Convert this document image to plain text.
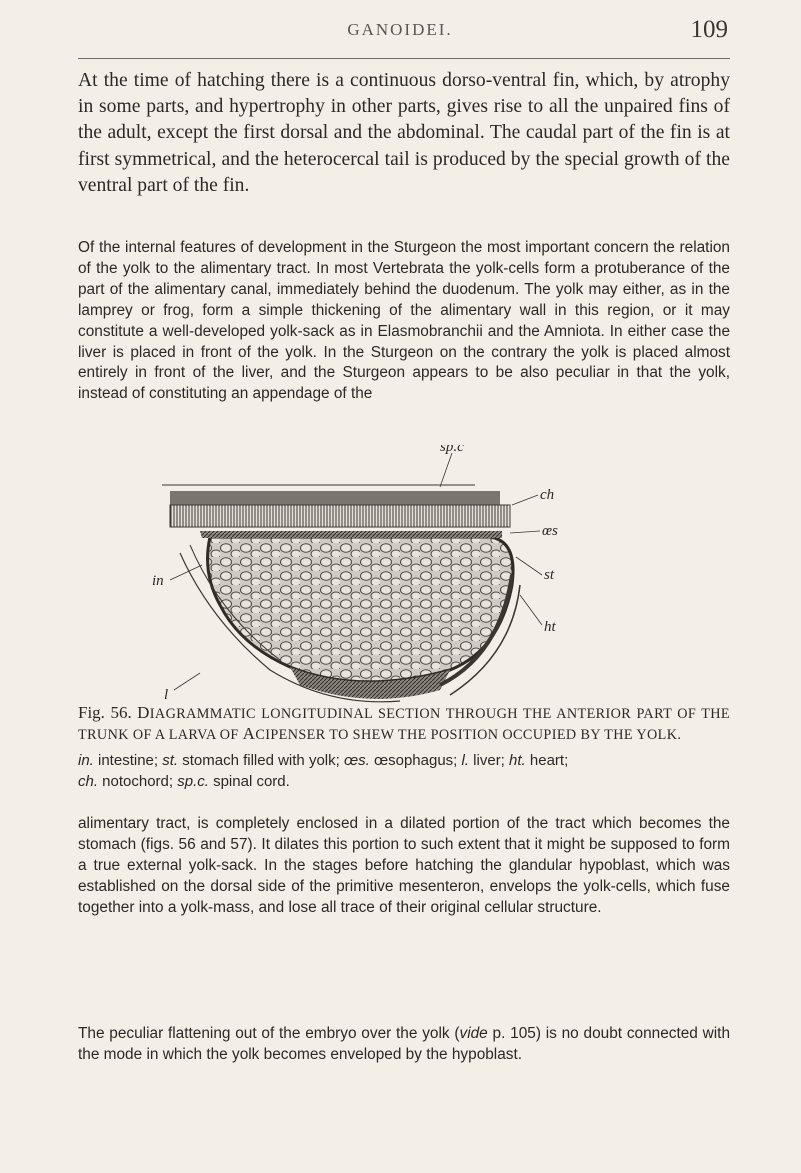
GANOIDEI.	109

At the time of hatching there is a continuous dorso-ventral fin, which, by atrophy in some parts, and hypertrophy in other parts, gives rise to all the unpaired fins of the adult, except the first dorsal and the abdominal. The caudal part of the fin is at first symmetrical, and the heterocercal tail is produced by the special growth of the ventral part of the fin.

Of the internal features of development in the Sturgeon the most important concern the relation of the yolk to the alimentary tract. In most Vertebrata the yolk-cells form a protuberance of the part of the alimentary canal, immediately behind the duodenum. The yolk may either, as in the lamprey or frog, form a simple thickening of the alimentary wall in this region, or it may constitute a well-developed yolk-sack as in Elasmobranchii and the Amniota. In either case the liver is placed in front of the yolk. In the Sturgeon on the contrary the yolk is placed almost entirely in front of the liver, and the Sturgeon appears to be also peculiar in that the yolk, instead of constituting an appendage of the

sp.c
ch
œs
st
in
ht
l

Fig. 56. DIAGRAMMATIC LONGITUDINAL SECTION THROUGH THE ANTERIOR PART OF THE TRUNK OF A LARVA OF ACIPENSER TO SHEW THE POSITION OCCUPIED BY THE YOLK.

in. intestine; st. stomach filled with yolk; œs. œsophagus; l. liver; ht. heart;
ch. notochord; sp.c. spinal cord.

alimentary tract, is completely enclosed in a dilated portion of the tract which becomes the stomach (figs. 56 and 57). It dilates this portion to such extent that it might be supposed to form a true external yolk-sack. In the stages before hatching the glandular hypoblast, which was established on the dorsal side of the primitive mesenteron, envelops the yolk-cells, which fuse together into a yolk-mass, and lose all trace of their original cellular structure.

The peculiar flattening out of the embryo over the yolk (vide p. 105) is no doubt connected with the mode in which the yolk becomes enveloped by the hypoblast.
